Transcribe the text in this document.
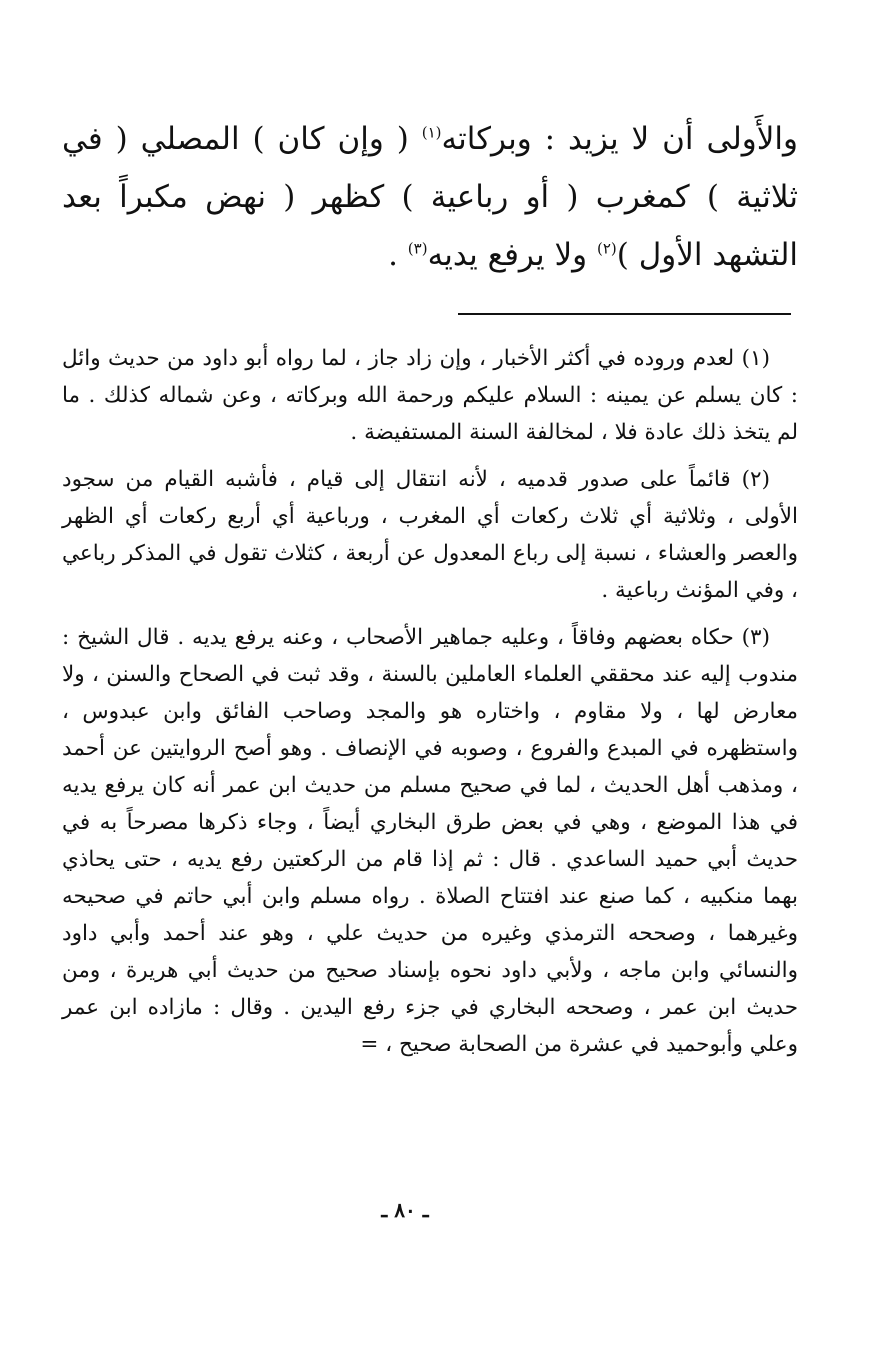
والأَولى أن لا يزيد : وبركاته$^{(١)}$ ( وإن كان ) المصلي ( في ثلاثية ) كمغرب ( أو رباعية ) كظهر ( نهض مكبراً بعد التشهد الأول )$^{(٢)}$ ولا يرفع يديه$^{(٣)}$ .

(١) لعدم وروده في أكثر الأخبار ، وإن زاد جاز ، لما رواه أبو داود من حديث وائل : كان يسلم عن يمينه : السلام عليكم ورحمة الله وبركاته ، وعن شماله كذلك . ما لم يتخذ ذلك عادة فلا ، لمخالفة السنة المستفيضة .

(٢) قائماً على صدور قدميه ، لأنه انتقال إلى قيام ، فأشبه القيام من سجود الأولى ، وثلاثية أي ثلاث ركعات أي المغرب ، ورباعية أي أربع ركعات أي الظهر والعصر والعشاء ، نسبة إلى رباع المعدول عن أربعة ، كثلاث تقول في المذكر رباعي ، وفي المؤنث رباعية .

(٣) حكاه بعضهم وفاقاً ، وعليه جماهير الأصحاب ، وعنه يرفع يديه . قال الشيخ : مندوب إليه عند محققي العلماء العاملين بالسنة ، وقد ثبت في الصحاح والسنن ، ولا معارض لها ، ولا مقاوم ، واختاره هو والمجد وصاحب الفائق وابن عبدوس ، واستظهره في المبدع والفروع ، وصوبه في الإنصاف . وهو أصح الروايتين عن أحمد ، ومذهب أهل الحديث ، لما في صحيح مسلم من حديث ابن عمر أنه كان يرفع يديه في هذا الموضع ، وهي في بعض طرق البخاري أيضاً ، وجاء ذكرها مصرحاً به في حديث أبي حميد الساعدي . قال : ثم إذا قام من الركعتين رفع يديه ، حتى يحاذي بهما منكبيه ، كما صنع عند افتتاح الصلاة . رواه مسلم وابن أبي حاتم في صحيحه وغيرهما ، وصححه الترمذي وغيره من حديث علي ، وهو عند أحمد وأبي داود والنسائي وابن ماجه ، ولأبي داود نحوه بإسناد صحيح من حديث أبي هريرة ، ومن حديث ابن عمر ، وصححه البخاري في جزء رفع اليدين . وقال : مازاده ابن عمر وعلي وأبوحميد في عشرة من الصحابة صحيح ، =

ـ ٨٠ ـ
